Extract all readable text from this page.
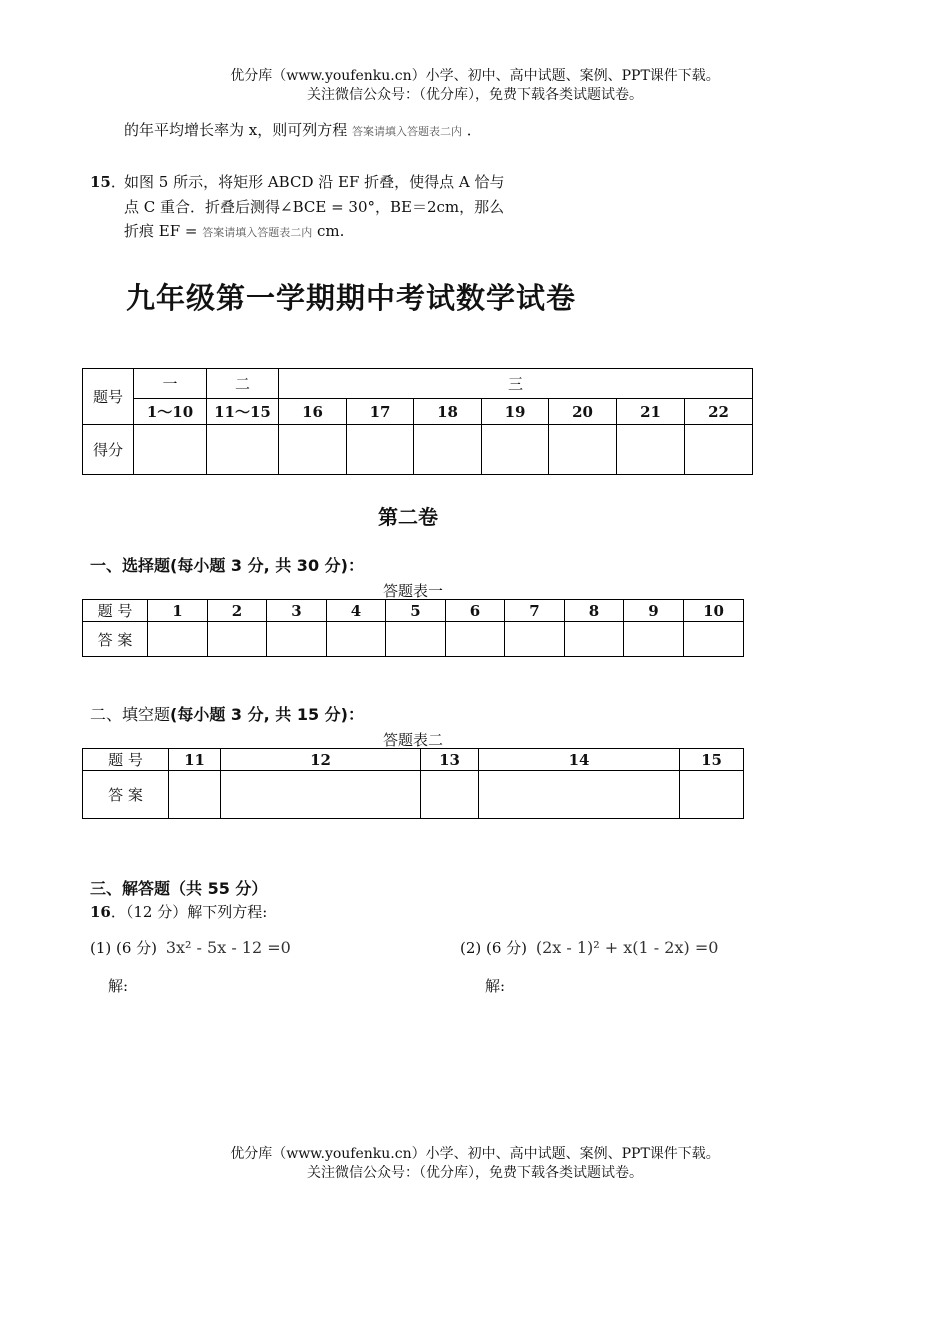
优分库（www.youfenku.cn）小学、初中、高中试题、案例、PPT课件下载。
关注微信公众号：（优分库），免费下载各类试题试卷。
的年平均增长率为 x，则可列方程 答案请填入答题表二内 ．
15．
如图 5 所示，将矩形 ABCD 沿 EF 折叠，使得点 A 恰与
点 C 重合．折叠后测得∠BCE = 30°，BE＝2cm，那么
折痕 EF = 答案请填入答题表二内 cm.
九年级第一学期期中考试数学试卷
题号	一	二	三						
	1～10	11～15	16	17	18	19	20	21	22
得分									
第二卷
一、选择题(每小题 3 分, 共 30 分)：
答题表一
题 号	1	2	3	4	5	6	7	8	9	10
答 案										
二、填空题(每小题 3 分, 共 15 分)：
答题表二
题 号	11	12	13	14	15
答 案					
三、解答题（共 55 分）
16．（12 分）解下列方程:
(1) (6 分) 3x² - 5x - 12 =0	(2) (6 分) (2x - 1)² + x(1 - 2x) =0
解:	解:
优分库（www.youfenku.cn）小学、初中、高中试题、案例、PPT课件下载。
关注微信公众号：（优分库），免费下载各类试题试卷。
